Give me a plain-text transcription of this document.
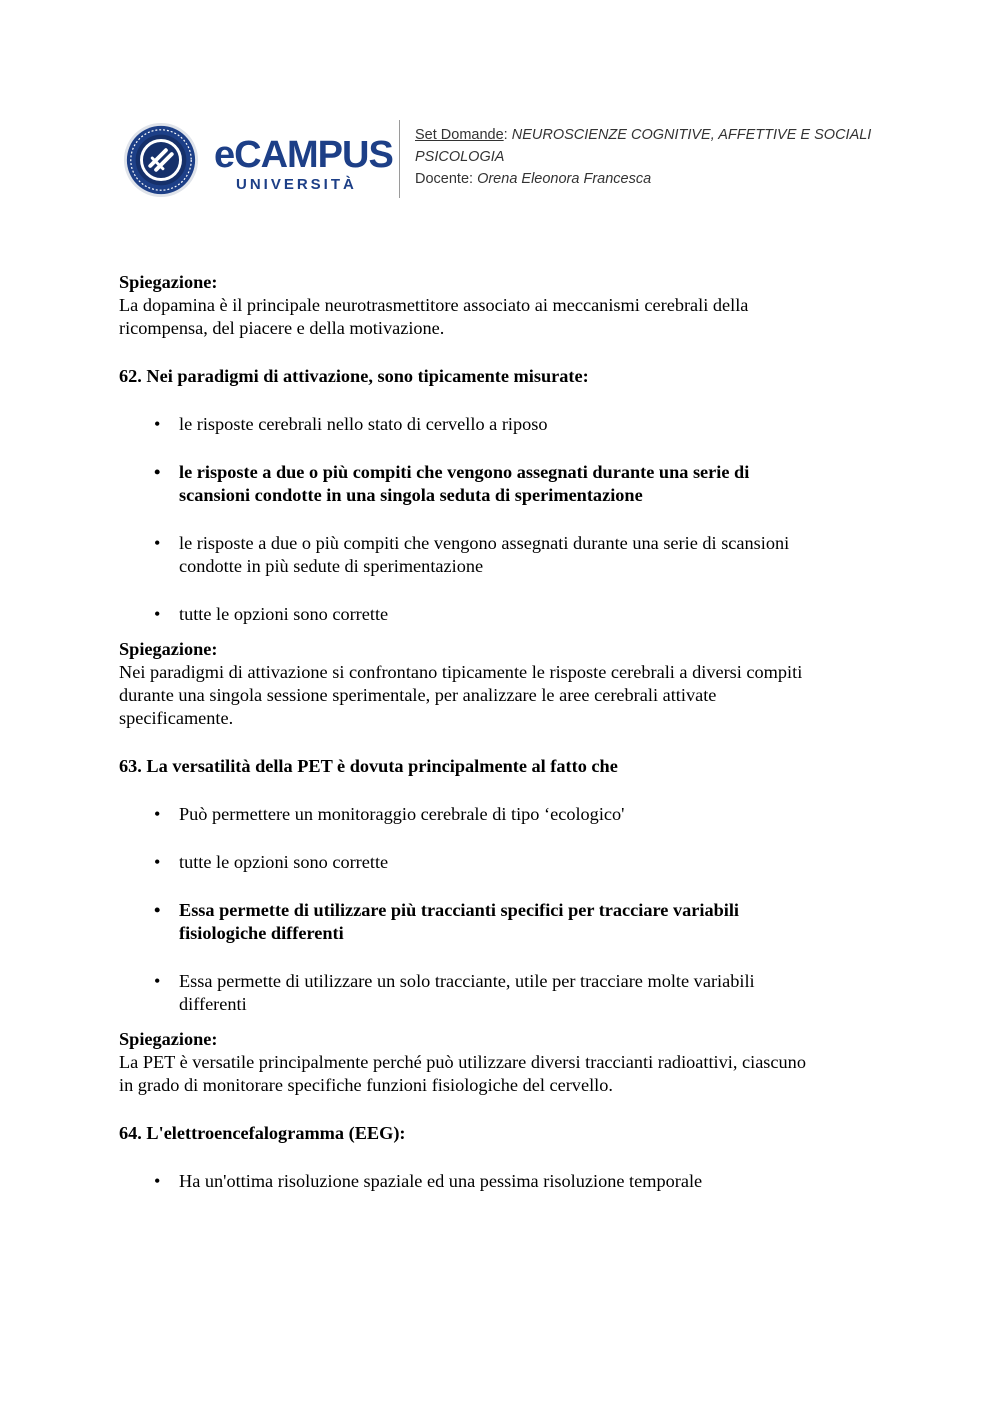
eCAMPUS
UNIVERSITÀ
Set Domande: NEUROSCIENZE COGNITIVE, AFFETTIVE E SOCIALI
PSICOLOGIA
Docente: Orena Eleonora Francesca
Spiegazione:
La dopamina è il principale neurotrasmettitore associato ai meccanismi cerebrali della
ricompensa, del piacere e della motivazione.
62. Nei paradigmi di attivazione, sono tipicamente misurate:
• le risposte cerebrali nello stato di cervello a riposo
• le risposte a due o più compiti che vengono assegnati durante una serie di
scansioni condotte in una singola seduta di sperimentazione
• le risposte a due o più compiti che vengono assegnati durante una serie di scansioni
condotte in più sedute di sperimentazione
• tutte le opzioni sono corrette
Spiegazione:
Nei paradigmi di attivazione si confrontano tipicamente le risposte cerebrali a diversi compiti
durante una singola sessione sperimentale, per analizzare le aree cerebrali attivate
specificamente.
63. La versatilità della PET è dovuta principalmente al fatto che
• Può permettere un monitoraggio cerebrale di tipo ‘ecologico'
• tutte le opzioni sono corrette
• Essa permette di utilizzare più traccianti specifici per tracciare variabili
fisiologiche differenti
• Essa permette di utilizzare un solo tracciante, utile per tracciare molte variabili
differenti
Spiegazione:
La PET è versatile principalmente perché può utilizzare diversi traccianti radioattivi, ciascuno
in grado di monitorare specifiche funzioni fisiologiche del cervello.
64. L'elettroencefalogramma (EEG):
• Ha un'ottima risoluzione spaziale ed una pessima risoluzione temporale
